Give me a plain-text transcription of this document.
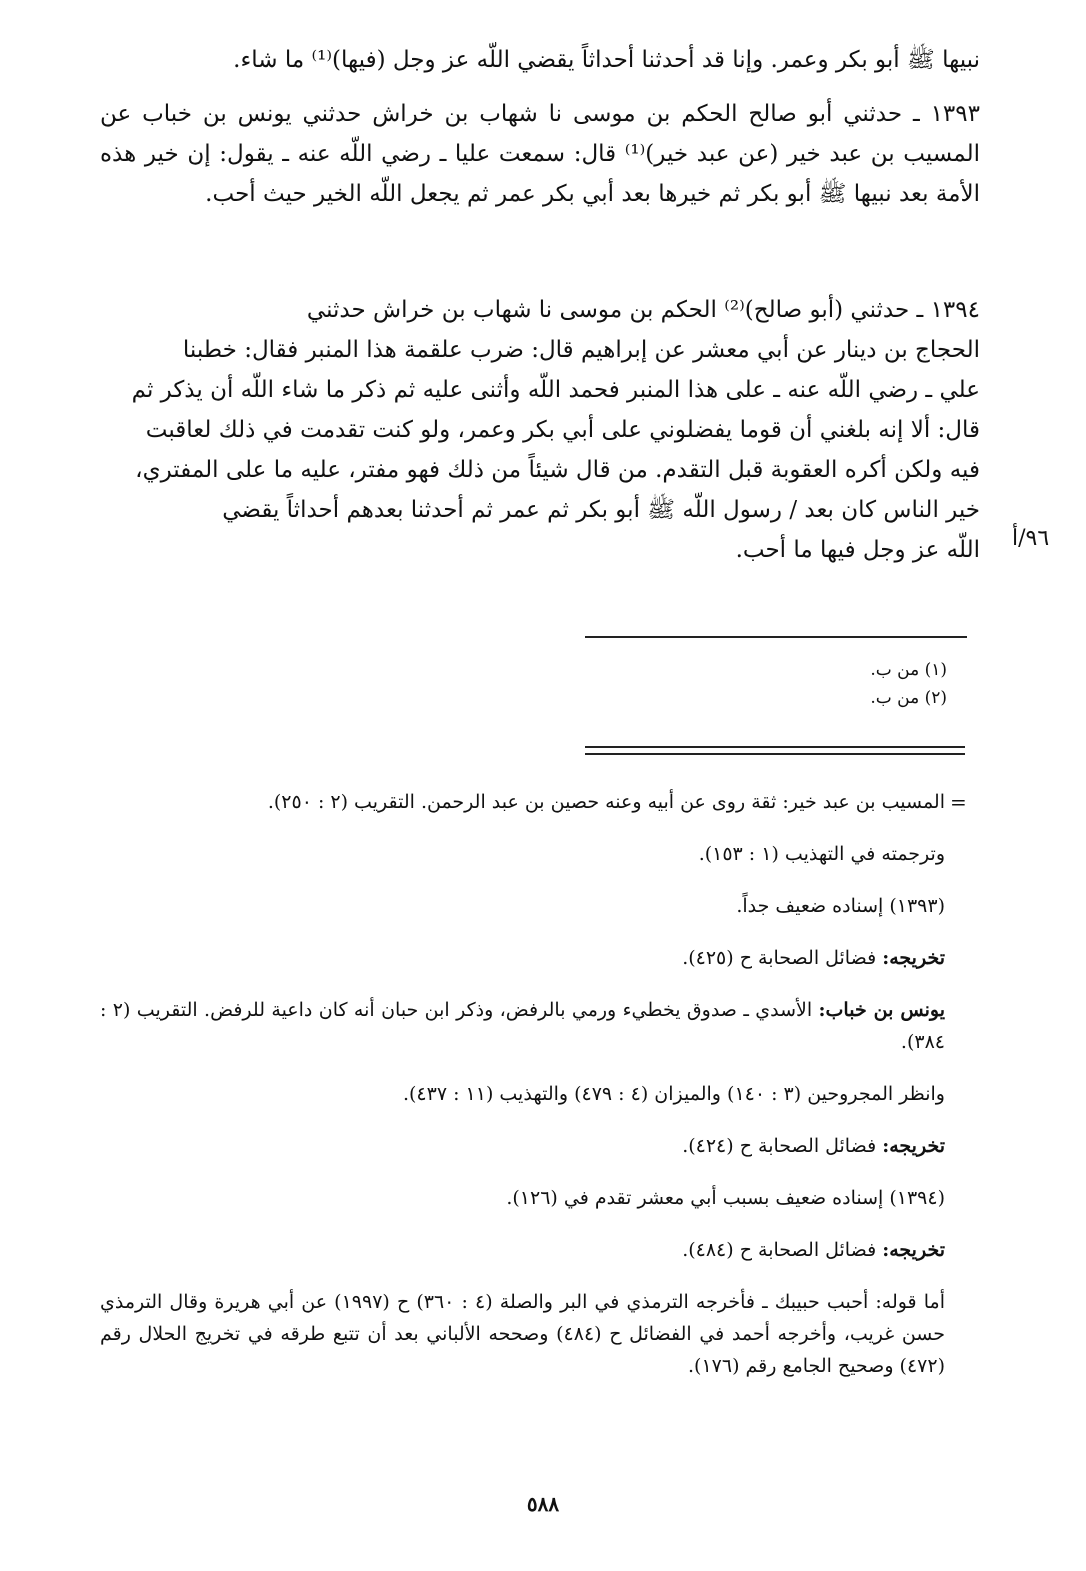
نبيها ﷺ أبو بكر وعمر. وإنا قد أحدثنا أحداثاً يقضي اللّه عز وجل (فيها)⁽¹⁾ ما شاء.
١٣٩٣ ـ حدثني أبو صالح الحكم بن موسى نا شهاب بن خراش حدثني يونس بن خباب عن المسيب بن عبد خير (عن عبد خير)⁽¹⁾ قال: سمعت عليا ـ رضي اللّه عنه ـ يقول: إن خير هذه الأمة بعد نبيها ﷺ أبو بكر ثم خيرها بعد أبي بكر عمر ثم يجعل اللّه الخير حيث أحب.
١٣٩٤ ـ حدثني (أبو صالح)⁽²⁾ الحكم بن موسى نا شهاب بن خراش حدثني
الحجاج بن دينار عن أبي معشر عن إبراهيم قال: ضرب علقمة هذا المنبر فقال: خطبنا
علي ـ رضي اللّه عنه ـ على هذا المنبر فحمد اللّه وأثنى عليه ثم ذكر ما شاء اللّه أن يذكر ثم
قال: ألا إنه بلغني أن قوما يفضلوني على أبي بكر وعمر، ولو كنت تقدمت في ذلك لعاقبت
فيه ولكن أكره العقوبة قبل التقدم. من قال شيئاً من ذلك فهو مفتر، عليه ما على المفتري،
خير الناس كان بعد / رسول اللّه ﷺ أبو بكر ثم عمر ثم أحدثنا بعدهم أحداثاً يقضي
اللّه عز وجل فيها ما أحب. ٩٦/أ
(١) من ب.
(٢) من ب.
=
المسيب بن عبد خير: ثقة روى عن أبيه وعنه حصين بن عبد الرحمن. التقريب (٢ : ٢٥٠).
وترجمته في التهذيب (١ : ١٥٣).
(١٣٩٣) إسناده ضعيف جداً.
تخريجه: فضائل الصحابة ح (٤٢٥).
يونس بن خباب: الأسدي ـ صدوق يخطيء ورمي بالرفض، وذكر ابن حبان أنه كان داعية للرفض. التقريب (٢ : ٣٨٤).
وانظر المجروحين (٣ : ١٤٠) والميزان (٤ : ٤٧٩) والتهذيب (١١ : ٤٣٧).
تخريجه: فضائل الصحابة ح (٤٢٤).
(١٣٩٤) إسناده ضعيف بسبب أبي معشر تقدم في (١٢٦).
تخريجه: فضائل الصحابة ح (٤٨٤).
أما قوله: أحبب حبيبك ـ فأخرجه الترمذي في البر والصلة (٤ : ٣٦٠) ح (١٩٩٧) عن أبي هريرة وقال الترمذي حسن غريب، وأخرجه أحمد في الفضائل ح (٤٨٤) وصححه الألباني بعد أن تتبع طرقه في تخريج الحلال رقم (٤٧٢) وصحيح الجامع رقم (١٧٦).
٥٨٨
